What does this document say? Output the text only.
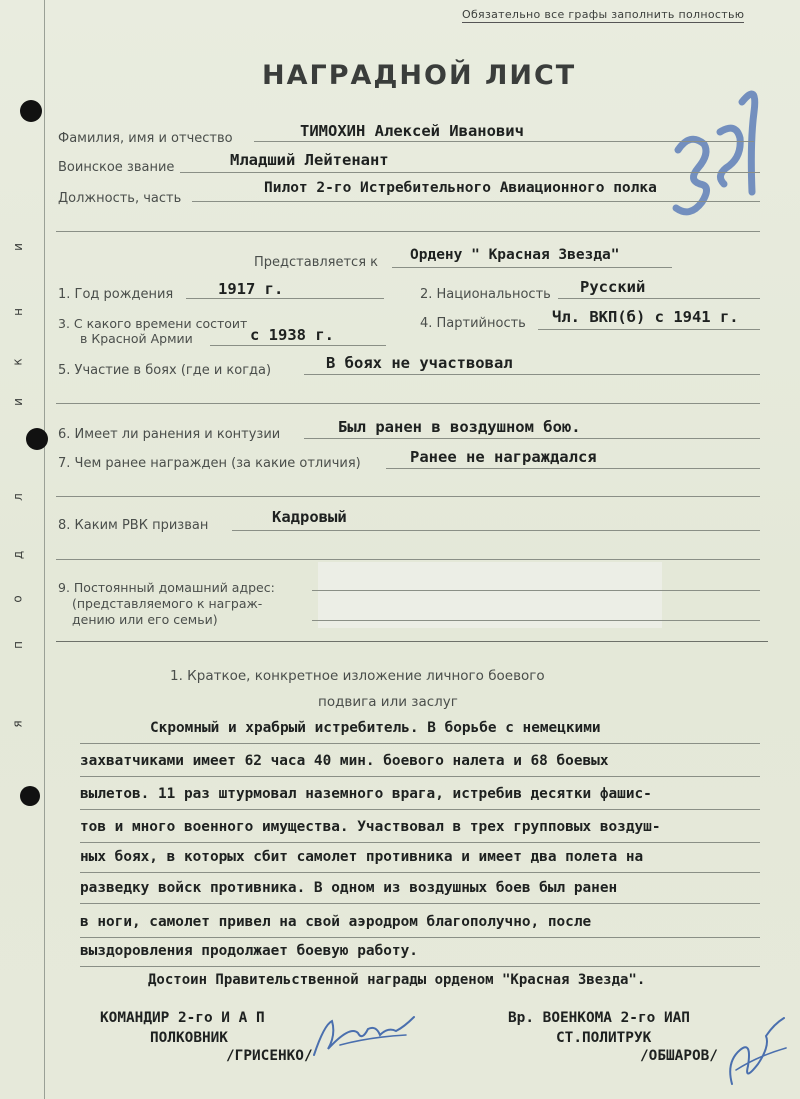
и
н
к
и
л
д
о
п
я
Обязательно все графы заполнить полностью
НАГРАДНОЙ ЛИСТ
Фамилия, имя и отчество	ТИМОХИН Алексей Иванович
Воинское звание	Младший Лейтенант
Должность, часть
Пилот 2-го Истребительного Авиационного полка
Представляется к Ордену " Красная Звезда"
1. Год рождения	1917 г.	2. Национальность Русский
3. С какого времени состоит
в Красной Армии	с 1938 г.
4. Партийность Чл. ВКП(б) с 1941 г.
5. Участие в боях (где и когда)	В боях не участвовал
6. Имеет ли ранения и контузии	Был ранен в воздушном бою.
7. Чем ранее награжден (за какие отличия)	Ранее не награждался
8. Каким РВК призван	Кадровый
9. Постоянный домашний адрес:
(представляемого к награж-
дению или его семьи)
1. Краткое, конкретное изложение личного боевого
подвига или заслуг
Скромный и храбрый истребитель. В борьбе с немецкими
захватчиками имеет 62 часа 40 мин. боевого налета и 68 боевых
вылетов. 11 раз штурмовал наземного врага, истребив десятки фашис-
тов и много военного имущества. Участвовал в трех групповых воздуш-
ных боях, в которых сбит самолет противника и имеет два полета на
разведку войск противника. В одном из воздушных боев был ранен
в ноги, самолет привел на свой аэродром благополучно, после
выздоровления продолжает боевую работу.
Достоин Правительственной награды орденом "Красная Звезда".
КОМАНДИР 2-го И А П
ПОЛКОВНИК
/ГРИСЕНКО/
Вр. ВОЕНКОМА 2-го ИАП
СТ.ПОЛИТРУК
/ОБШАРОВ/
